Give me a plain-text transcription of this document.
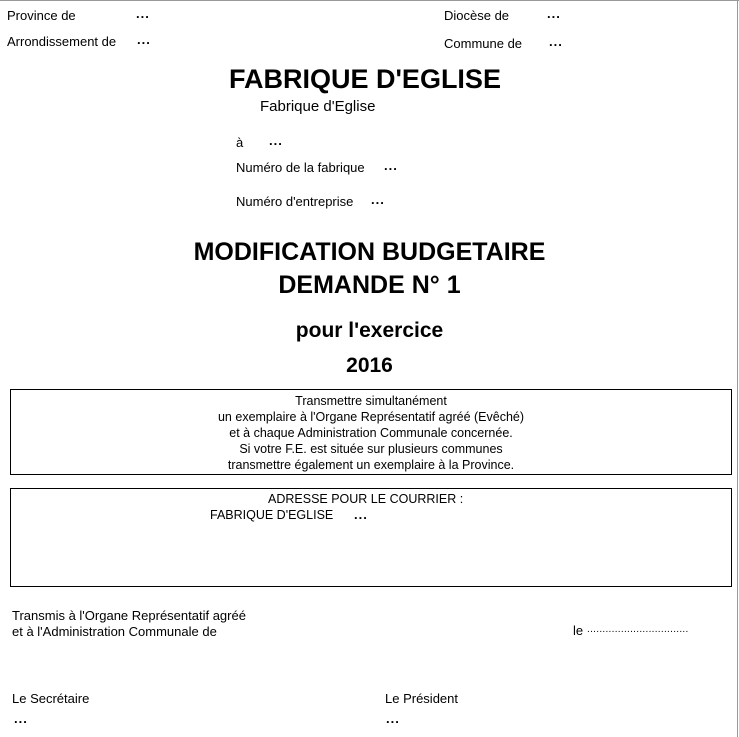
Province de	...	Diocèse de	...
Arrondissement de ...	Commune de ...
FABRIQUE D'EGLISE
Fabrique d'Eglise
à ...
Numéro de la fabrique ...
Numéro d'entreprise ...
MODIFICATION BUDGETAIRE
DEMANDE N° 1
pour l'exercice
2016
Transmettre simultanément
un exemplaire à l'Organe Représentatif agréé (Evêché)
et à chaque Administration Communale concernée.
Si votre F.E. est située sur plusieurs communes
transmettre également un exemplaire à la Province.
ADRESSE POUR LE COURRIER :
FABRIQUE D'EGLISE ...
Transmis à l'Organe Représentatif agréé
et à l'Administration Communale de	le .................................
Le Secrétaire
...
Le Président
...
